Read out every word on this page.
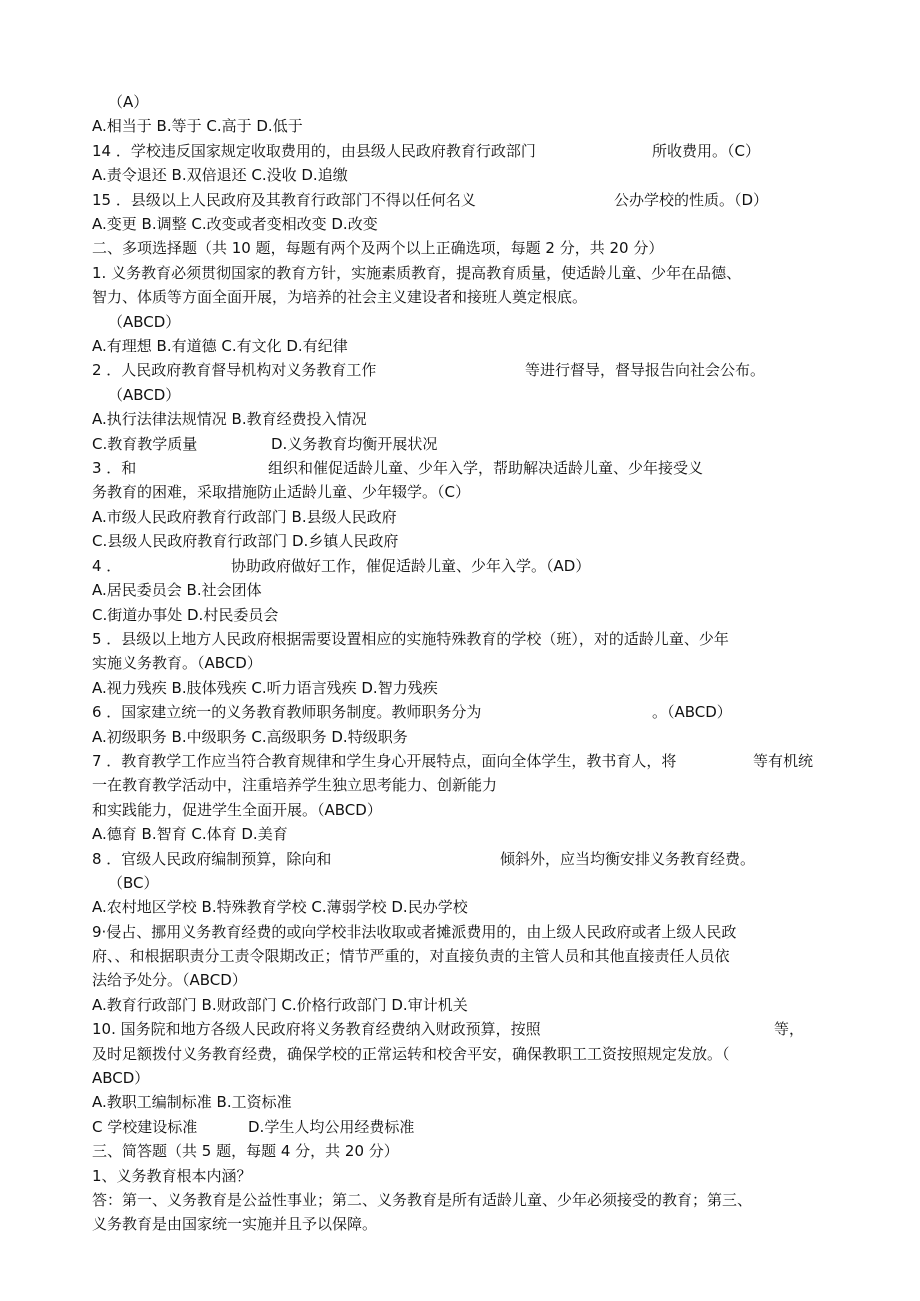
（A）
A.相当于 B.等于 C.高于 D.低于
14 ．学校违反国家规定收取费用的，由县级人民政府教育行政部门	所收费用。（C）
A.责令退还 B.双倍退还 C.没收 D.追缴
15 ．县级以上人民政府及其教育行政部门不得以任何名义	公办学校的性质。（D）
A.变更 B.调整 C.改变或者变相改变 D.改变
二、多项选择题（共 10 题，每题有两个及两个以上正确选项，每题 2 分，共 20 分）
1. 义务教育必须贯彻国家的教育方针，实施素质教育，提高教育质量，使适龄儿童、少年在品德、
智力、体质等方面全面开展，为培养的社会主义建设者和接班人奠定根底。
（ABCD）
A.有理想 B.有道德 C.有文化 D.有纪律
2 ．人民政府教育督导机构对义务教育工作	等进行督导，督导报告向社会公布。
（ABCD）
A.执行法律法规情况 B.教育经费投入情况
C.教育教学质量	D.义务教育均衡开展状况
3 ．和	组织和催促适龄儿童、少年入学，帮助解决适龄儿童、少年接受义
务教育的困难，采取措施防止适龄儿童、少年辍学。（C）
A.市级人民政府教育行政部门 B.县级人民政府
C.县级人民政府教育行政部门 D.乡镇人民政府
4 ．	协助政府做好工作，催促适龄儿童、少年入学。（AD）
A.居民委员会 B.社会团体
C.街道办事处 D.村民委员会
5 ．县级以上地方人民政府根据需要设置相应的实施特殊教育的学校（班），对的适龄儿童、少年
实施义务教育。（ABCD）
A.视力残疾 B.肢体残疾 C.听力语言残疾 D.智力残疾
6 ．国家建立统一的义务教育教师职务制度。教师职务分为	。（ABCD）
A.初级职务 B.中级职务 C.高级职务 D.特级职务
7 ．教育教学工作应当符合教育规律和学生身心开展特点，面向全体学生，教书育人，将	等有机统
一在教育教学活动中，注重培养学生独立思考能力、创新能力
和实践能力，促进学生全面开展。（ABCD）
A.德育 B.智育 C.体育 D.美育
8 ．官级人民政府编制预算，除向和	倾斜外，应当均衡安排义务教育经费。
（BC）
A.农村地区学校 B.特殊教育学校 C.薄弱学校 D.民办学校
9·侵占、挪用义务教育经费的或向学校非法收取或者摊派费用的，由上级人民政府或者上级人民政
府、、和根据职责分工责令限期改正；情节严重的，对直接负责的主管人员和其他直接责任人员依
法给予处分。（ABCD）
A.教育行政部门 B.财政部门 C.价格行政部门 D.审计机关
10. 国务院和地方各级人民政府将义务教育经费纳入财政预算，按照	等，
及时足额拨付义务教育经费，确保学校的正常运转和校舍平安，确保教职工工资按照规定发放。（
ABCD）
A.教职工编制标准 B.工资标准
C 学校建设标准	D.学生人均公用经费标准
三、简答题（共 5 题，每题 4 分，共 20 分）
1、义务教育根本内涵？
答：第一、义务教育是公益性事业；第二、义务教育是所有适龄儿童、少年必须接受的教育；第三、
义务教育是由国家统一实施并且予以保障。
